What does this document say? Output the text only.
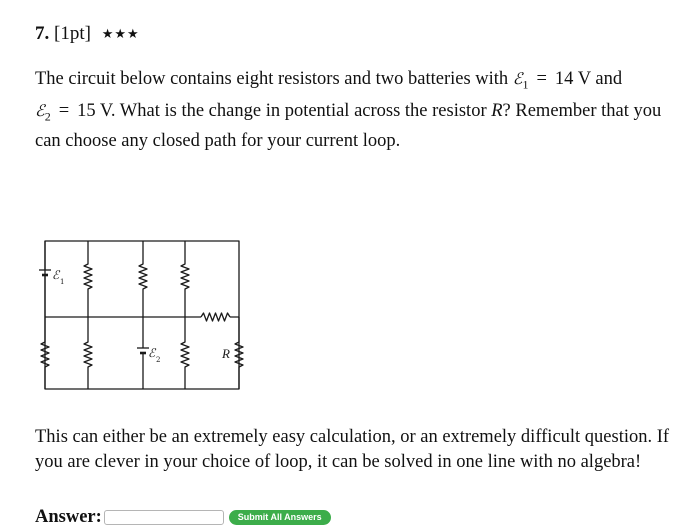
7. [1pt] ★★★
The circuit below contains eight resistors and two batteries with ℰ$_1$ = 14 V and ℰ$_2$ = 15 V. What is the change in potential across the resistor R? Remember that you can choose any closed path for your current loop.
ℰ 1
ℰ 2	R
This can either be an extremely easy calculation, or an extremely difficult question. If you are clever in your choice of loop, it can be solved in one line with no algebra!
Answer:	Submit All Answers
